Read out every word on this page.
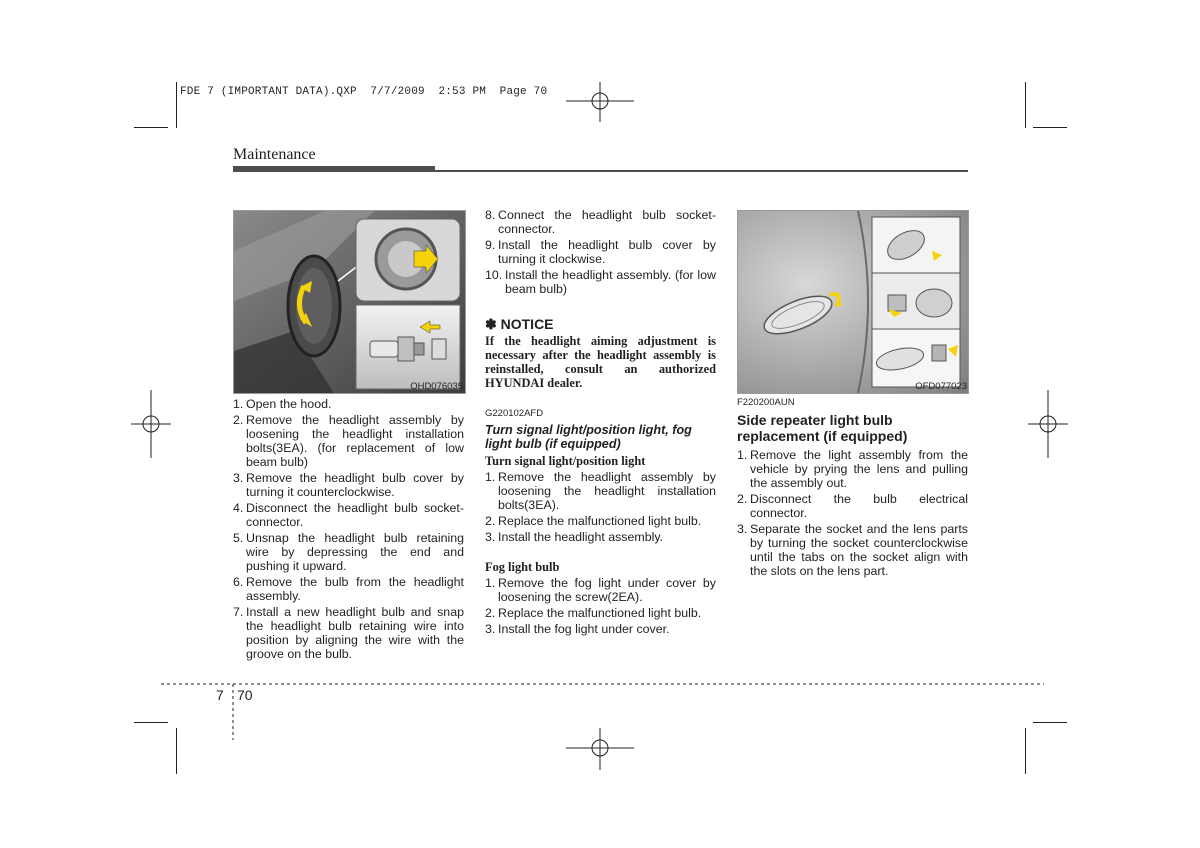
FDE 7 (IMPORTANT DATA).QXP  7/7/2009  2:53 PM  Page 70
Maintenance
OHD076035
1. Open the hood.
2. Remove the headlight assembly by loosening the headlight installation bolts(3EA). (for replacement of low beam bulb)
3. Remove the headlight bulb cover by turning it counterclockwise.
4. Disconnect the headlight bulb socket-connector.
5. Unsnap the headlight bulb retaining wire by depressing the end and pushing it upward.
6. Remove the bulb from the headlight assembly.
7. Install a new headlight bulb and snap the headlight bulb retaining wire into position by aligning the wire with the groove on the bulb.
8. Connect the headlight bulb socket-connector.
9. Install the headlight bulb cover by turning it clockwise.
10. Install the headlight assembly. (for low beam bulb)
✽ NOTICE
If the headlight aiming adjustment is necessary after the headlight assembly is reinstalled, consult an authorized HYUNDAI dealer.
G220102AFD
Turn signal light/position light, fog light bulb (if equipped)
Turn signal light/position light
1. Remove the headlight assembly by loosening the headlight installation bolts(3EA).
2. Replace the malfunctioned light bulb.
3. Install the headlight assembly.
Fog light bulb
1. Remove the fog light under cover by loosening the screw(2EA).
2. Replace the malfunctioned light bulb.
3. Install the fog light under cover.
OFD077023
F220200AUN
Side repeater light bulb replacement (if equipped)
1. Remove the light assembly from the vehicle by prying the lens and pulling the assembly out.
2. Disconnect the bulb electrical connector.
3. Separate the socket and the lens parts by turning the socket counterclockwise until the tabs on the socket align with the slots on the lens part.
7 70
